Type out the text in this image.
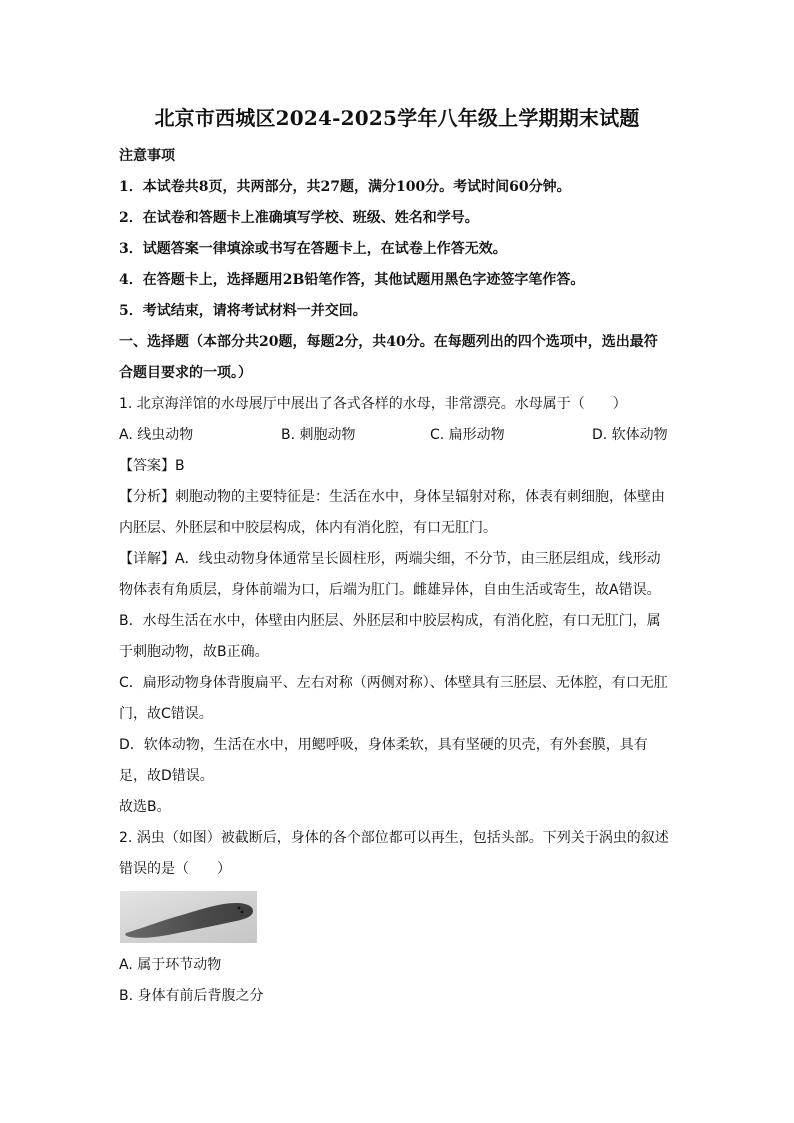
北京市西城区2024-2025学年八年级上学期期末试题
注意事项
1．本试卷共8页，共两部分，共27题，满分100分。考试时间60分钟。
2．在试卷和答题卡上准确填写学校、班级、姓名和学号。
3．试题答案一律填涂或书写在答题卡上，在试卷上作答无效。
4．在答题卡上，选择题用2B铅笔作答，其他试题用黑色字迹签字笔作答。
5．考试结束，请将考试材料一并交回。
一、选择题（本部分共20题，每题2分，共40分。在每题列出的四个选项中，选出最符
合题目要求的一项。）
1. 北京海洋馆的水母展厅中展出了各式各样的水母，非常漂亮。水母属于（　　）
A. 线虫动物	B. 刺胞动物	C. 扁形动物	D. 软体动物
【答案】B
【分析】刺胞动物的主要特征是：生活在水中，身体呈辐射对称，体表有刺细胞，体壁由
内胚层、外胚层和中胶层构成，体内有消化腔，有口无肛门。
【详解】A．线虫动物身体通常呈长圆柱形，两端尖细，不分节，由三胚层组成，线形动
物体表有角质层，身体前端为口，后端为肛门。雌雄异体，自由生活或寄生，故A错误。
B．水母生活在水中，体壁由内胚层、外胚层和中胶层构成，有消化腔，有口无肛门，属
于刺胞动物，故B正确。
C．扁形动物身体背腹扁平、左右对称（两侧对称）、体壁具有三胚层、无体腔，有口无肛
门，故C错误。
D．软体动物，生活在水中，用鳃呼吸，身体柔软，具有坚硬的贝壳，有外套膜，具有
足，故D错误。
故选B。
2. 涡虫（如图）被截断后，身体的各个部位都可以再生，包括头部。下列关于涡虫的叙述
错误的是（　　）
A. 属于环节动物
B. 身体有前后背腹之分
